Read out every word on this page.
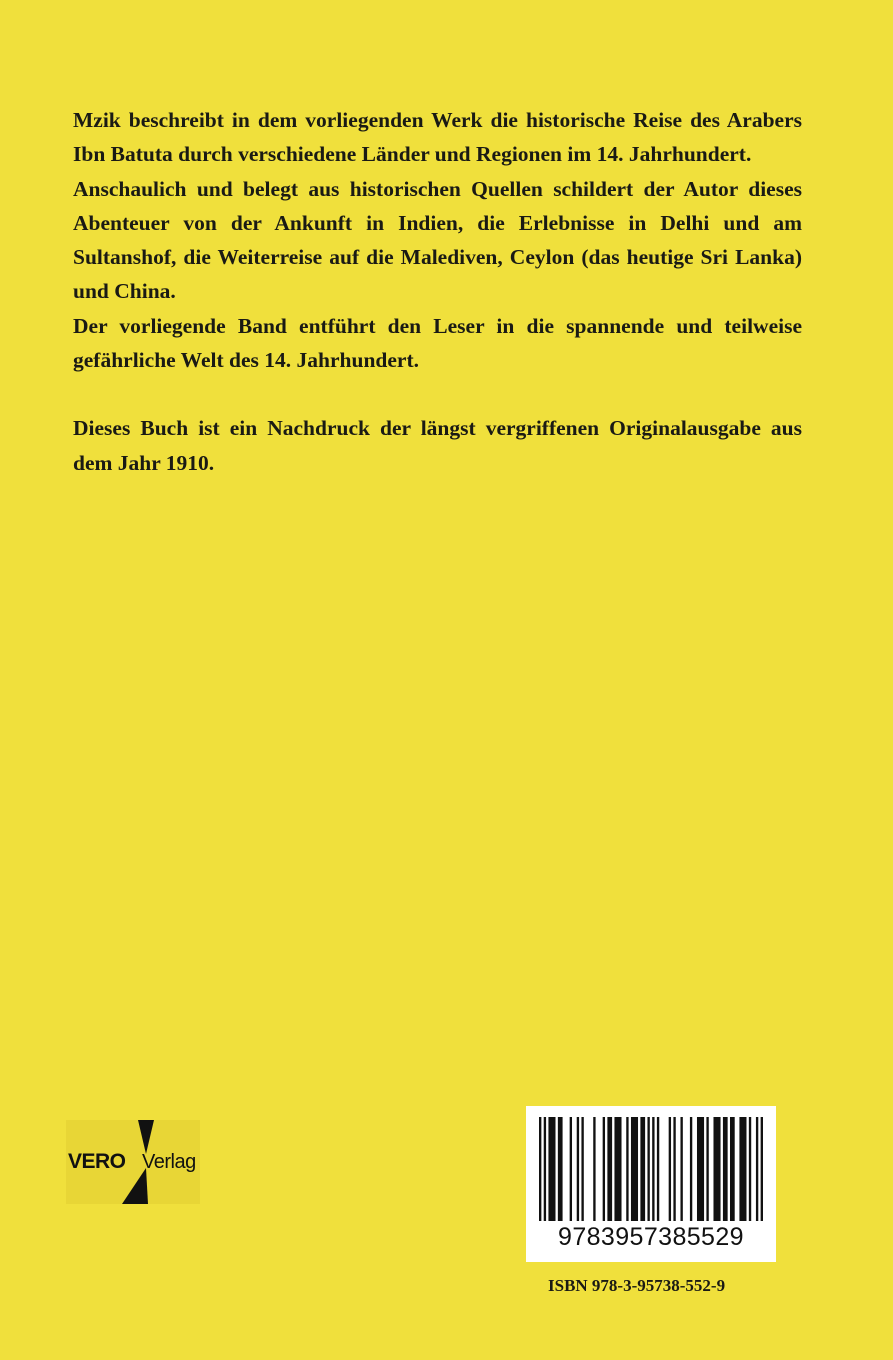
Mzik beschreibt in dem vorliegenden Werk die historische Reise des Arabers Ibn Batuta durch verschiedene Länder und Regionen im 14. Jahrhundert.

Anschaulich und belegt aus historischen Quellen schildert der Autor dieses Abenteuer von der Ankunft in Indien, die Erlebnisse in Delhi und am Sultanshof, die Weiterreise auf die Malediven, Ceylon (das heutige Sri Lanka) und China.

Der vorliegende Band entführt den Leser in die spannende und teilweise gefährliche Welt des 14. Jahrhundert.

Dieses Buch ist ein Nachdruck der längst vergriffenen Originalausgabe aus dem Jahr 1910.

VERO Verlag
9783957385529
ISBN 978-3-95738-552-9
